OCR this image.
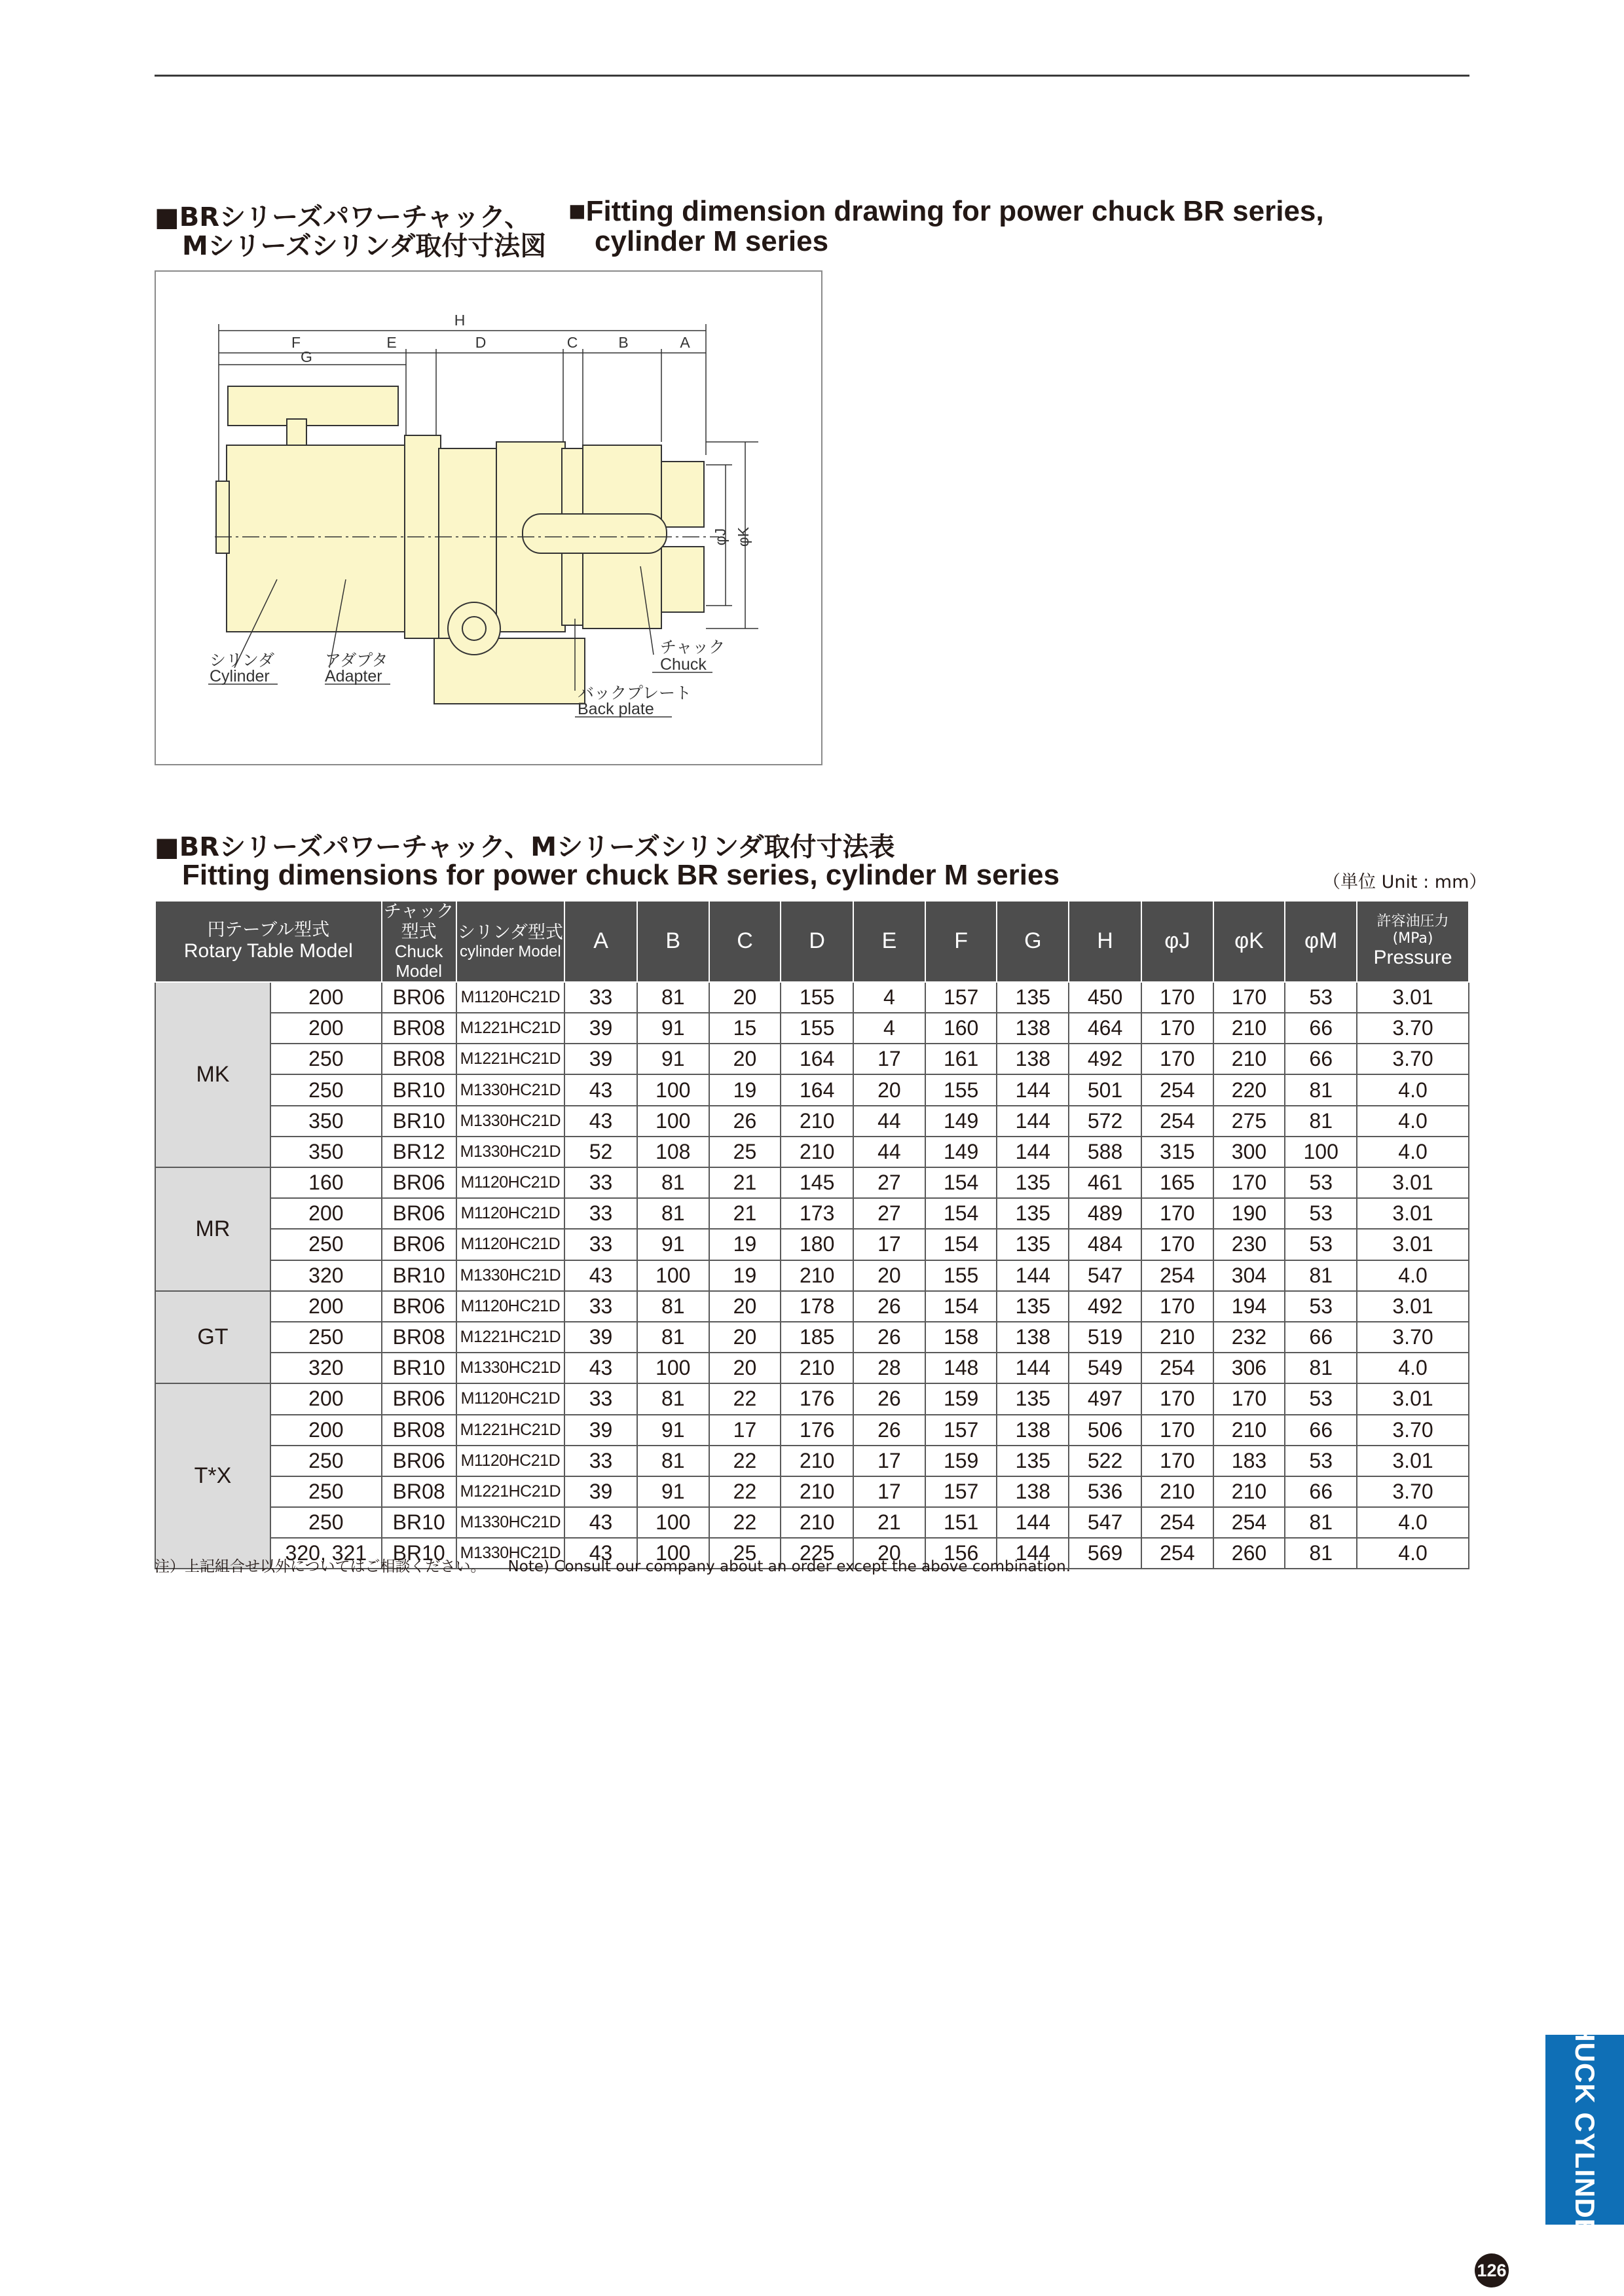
■BRシリーズパワーチャック、
Mシリーズシリンダ取付寸法図
■Fitting dimension drawing for power chuck BR series,
cylinder M series
H
F	E	D	C	B	A
G
φJ φK
シリンダ
Cylinder
アダプタ
Adapter
チャック
Chuck
バックプレート
Back plate
■BRシリーズパワーチャック、Mシリーズシリンダ取付寸法表
Fitting dimensions for power chuck BR series, cylinder M series	（単位 Unit : mm）
円テーブル型式
Rotary Table Model		チャック型式
Chuck Model	シリンダ型式
cylinder Model	A	B	C	D	E	F	G	H	φJ	φK	φM	許容油圧力(MPa)
Pressure

MK	200	BR06	M1120HC21D	33	81	20	155	4	157	135	450	170	170	53	3.01
	200	BR08	M1221HC21D	39	91	15	155	4	160	138	464	170	210	66	3.70
	250	BR08	M1221HC21D	39	91	20	164	17	161	138	492	170	210	66	3.70
	250	BR10	M1330HC21D	43	100	19	164	20	155	144	501	254	220	81	4.0
	350	BR10	M1330HC21D	43	100	26	210	44	149	144	572	254	275	81	4.0
	350	BR12	M1330HC21D	52	108	25	210	44	149	144	588	315	300	100	4.0
MR	160	BR06	M1120HC21D	33	81	21	145	27	154	135	461	165	170	53	3.01
	200	BR06	M1120HC21D	33	81	21	173	27	154	135	489	170	190	53	3.01
	250	BR06	M1120HC21D	33	91	19	180	17	154	135	484	170	230	53	3.01
	320	BR10	M1330HC21D	43	100	19	210	20	155	144	547	254	304	81	4.0
GT	200	BR06	M1120HC21D	33	81	20	178	26	154	135	492	170	194	53	3.01
	250	BR08	M1221HC21D	39	81	20	185	26	158	138	519	210	232	66	3.70
	320	BR10	M1330HC21D	43	100	20	210	28	148	144	549	254	306	81	4.0
T*X	200	BR06	M1120HC21D	33	81	22	176	26	159	135	497	170	170	53	3.01
	200	BR08	M1221HC21D	39	91	17	176	26	157	138	506	170	210	66	3.70
	250	BR06	M1120HC21D	33	81	22	210	17	159	135	522	170	183	53	3.01
	250	BR08	M1221HC21D	39	91	22	210	17	157	138	536	210	210	66	3.70
	250	BR10	M1330HC21D	43	100	22	210	21	151	144	547	254	254	81	4.0
	320, 321	BR10	M1330HC21D	43	100	25	225	20	156	144	569	254	260	81	4.0
注）上記組合せ以外についてはご相談ください。 Note) Consult our company about an order except the above combination.
CHUCK CYLINDER
126
